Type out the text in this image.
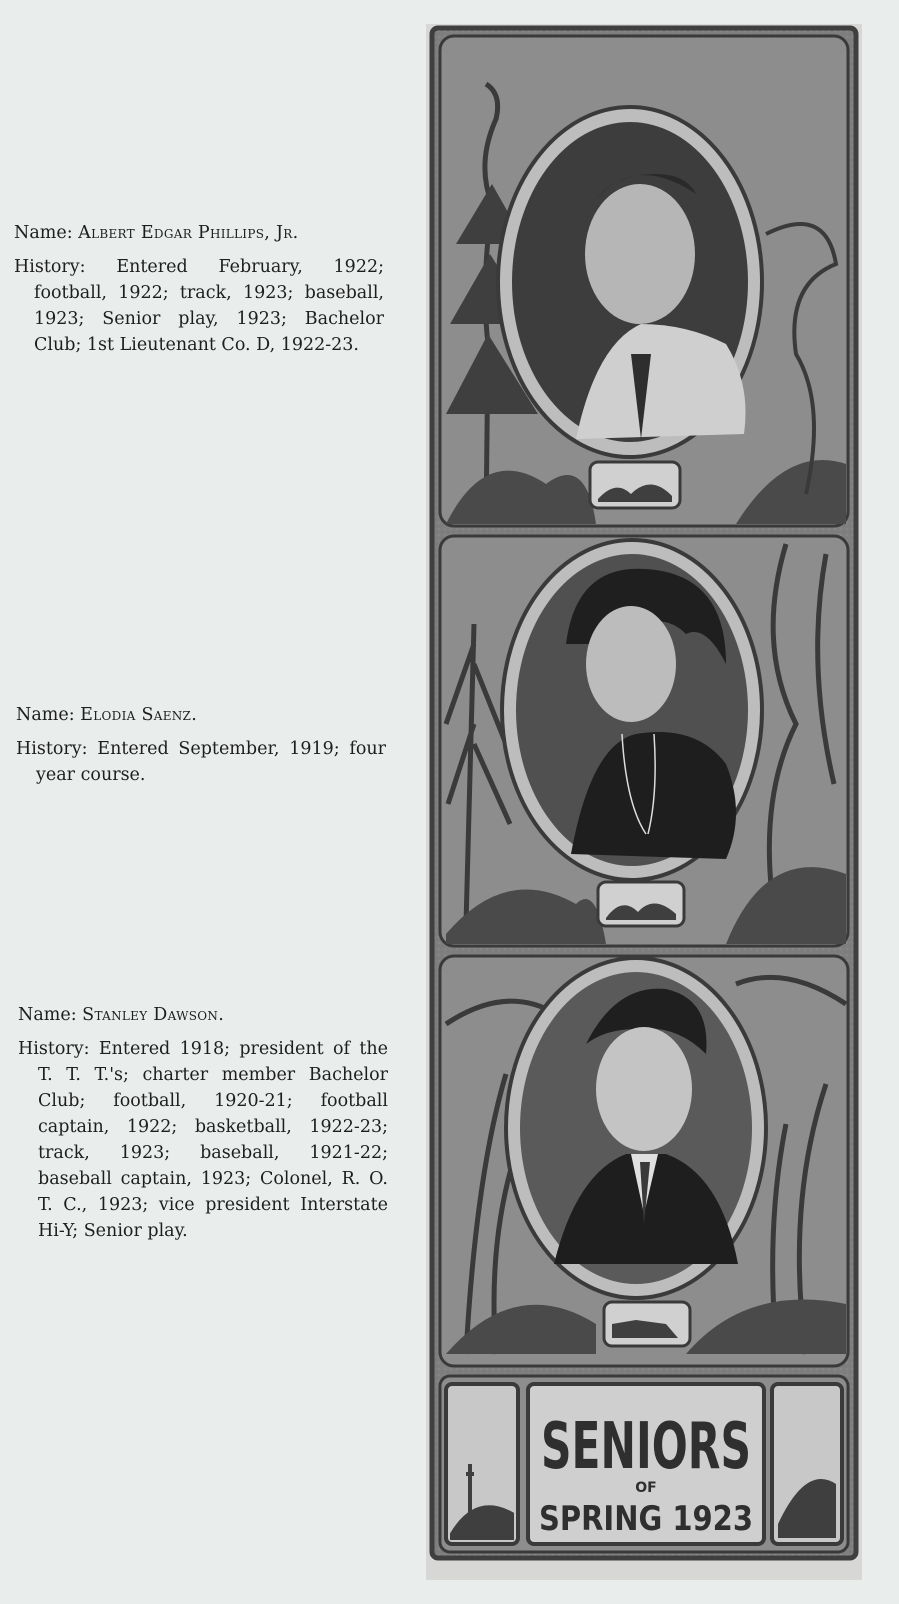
Name: Albert Edgar Phillips, Jr.
History: Entered February, 1922; football, 1922; track, 1923; baseball, 1923; Senior play, 1923; Bachelor Club; 1st Lieutenant Co. D, 1922-23.
Name: Elodia Saenz.
History: Entered September, 1919; four year course.
Name: Stanley Dawson.
History: Entered 1918; president of the T. T. T.'s; charter member Bachelor Club; football, 1920-21; football captain, 1922; basketball, 1922-23; track, 1923; baseball, 1921-22; baseball captain, 1923; Colonel, R. O. T. C., 1923; vice president Interstate Hi-Y; Senior play.
SENIORS
OF
SPRING 1923
